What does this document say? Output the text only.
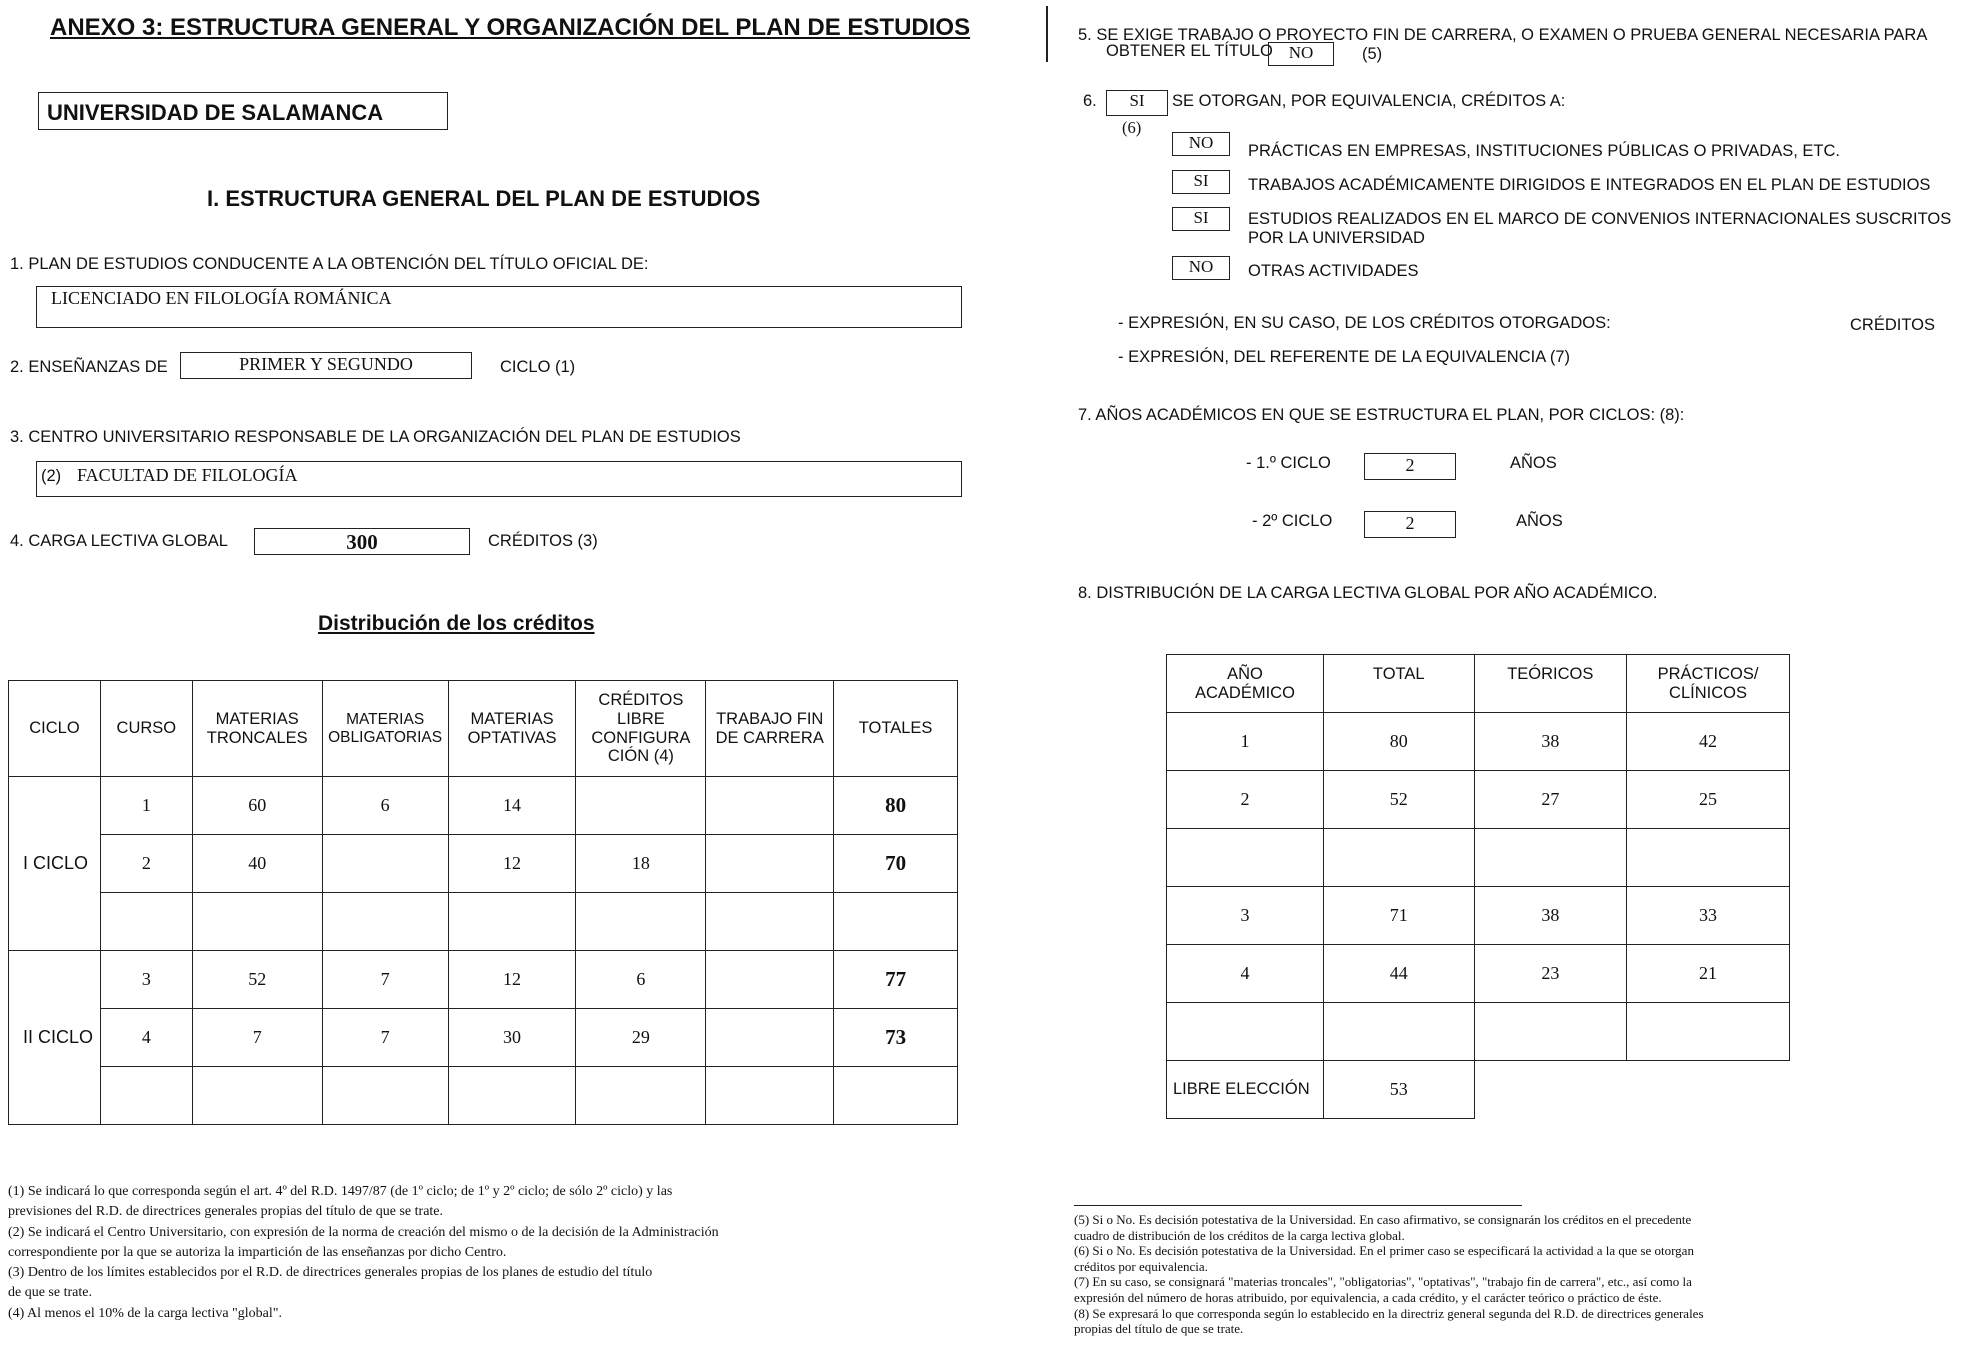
ANEXO 3: ESTRUCTURA GENERAL Y ORGANIZACIÓN DEL PLAN DE ESTUDIOS
UNIVERSIDAD DE SALAMANCA
I. ESTRUCTURA GENERAL DEL PLAN DE ESTUDIOS
1. PLAN DE ESTUDIOS CONDUCENTE A LA OBTENCIÓN DEL TÍTULO OFICIAL DE:
LICENCIADO EN FILOLOGÍA ROMÁNICA
2. ENSEÑANZAS DE	PRIMER Y SEGUNDO	CICLO (1)
3. CENTRO UNIVERSITARIO RESPONSABLE DE LA ORGANIZACIÓN DEL PLAN DE ESTUDIOS
(2) FACULTAD DE FILOLOGÍA
4. CARGA LECTIVA GLOBAL	300	CRÉDITOS (3)
Distribución de los créditos
CICLO	CURSO	MATERIAS TRONCALES	MATERIAS OBLIGATORIAS	MATERIAS OPTATIVAS	CRÉDITOS LIBRE CONFIGURA CIÓN (4)	TRABAJO FIN DE CARRERA	TOTALES
I CICLO	1	60	6	14			80
	2	40		12	18		70

II CICLO	3	52	7	12	6		77
	4	7	7	30	29		73

(1) Se indicará lo que corresponda según el art. 4º del R.D. 1497/87 (de 1º ciclo; de 1º y 2º ciclo; de sólo 2º ciclo) y las
previsiones del R.D. de directrices generales propias del título de que se trate.
(2) Se indicará el Centro Universitario, con expresión de la norma de creación del mismo o de la decisión de la Administración
correspondiente por la que se autoriza la impartición de las enseñanzas por dicho Centro.
(3) Dentro de los límites establecidos por el R.D. de directrices generales propias de los planes de estudio del título
de que se trate.
(4) Al menos el 10% de la carga lectiva "global".
5. SE EXIGE TRABAJO O PROYECTO FIN DE CARRERA, O EXAMEN O PRUEBA GENERAL NECESARIA PARA
OBTENER EL TÍTULO NO	(5)
6.	SI	SE OTORGAN, POR EQUIVALENCIA, CRÉDITOS A:
(6)
NO	PRÁCTICAS EN EMPRESAS, INSTITUCIONES PÚBLICAS O PRIVADAS, ETC.
SI	TRABAJOS ACADÉMICAMENTE DIRIGIDOS E INTEGRADOS EN EL PLAN DE ESTUDIOS
SI	ESTUDIOS REALIZADOS EN EL MARCO DE CONVENIOS INTERNACIONALES SUSCRITOS
POR LA UNIVERSIDAD
NO	OTRAS ACTIVIDADES
- EXPRESIÓN, EN SU CASO, DE LOS CRÉDITOS OTORGADOS:	CRÉDITOS
- EXPRESIÓN, DEL REFERENTE DE LA EQUIVALENCIA (7)
7. AÑOS ACADÉMICOS EN QUE SE ESTRUCTURA EL PLAN, POR CICLOS: (8):
- 1.º CICLO	2	AÑOS
- 2º CICLO	2	AÑOS
8. DISTRIBUCIÓN DE LA CARGA LECTIVA GLOBAL POR AÑO ACADÉMICO.
AÑO ACADÉMICO	TOTAL	TEÓRICOS	PRÁCTICOS/ CLÍNICOS
1	80	38	42
2	52	27	25

3	71	38	33
4	44	23	21

LIBRE ELECCIÓN	53		
(5) Si o No. Es decisión potestativa de la Universidad. En caso afirmativo, se consignarán los créditos en el precedente
cuadro de distribución de los créditos de la carga lectiva global.
(6) Si o No. Es decisión potestativa de la Universidad. En el primer caso se especificará la actividad a la que se otorgan
créditos por equivalencia.
(7) En su caso, se consignará "materias troncales", "obligatorias", "optativas", "trabajo fin de carrera", etc., así como la
expresión del número de horas atribuido, por equivalencia, a cada crédito, y el carácter teórico o práctico de éste.
(8) Se expresará lo que corresponda según lo establecido en la directriz general segunda del R.D. de directrices generales
propias del título de que se trate.
